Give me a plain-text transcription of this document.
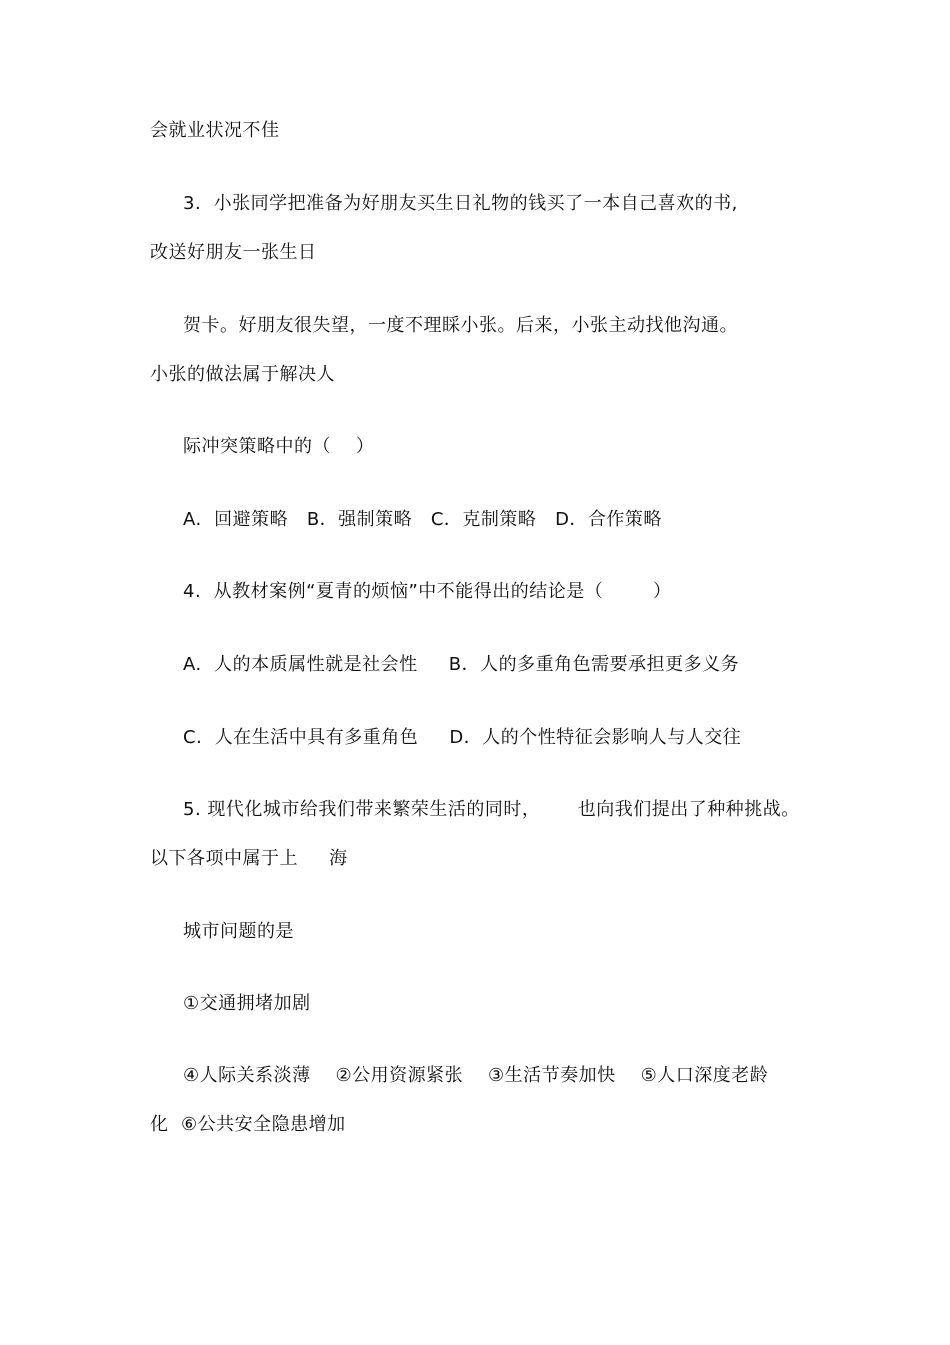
会就业状况不佳
3.  小张同学把准备为好朋友买生日礼物的钱买了一本自己喜欢的书,
改送好朋友一张生日
贺卡。好朋友很失望，一度不理睬小张。后来，小张主动找他沟通。
小张的做法属于解决人
际冲突策略中的（    ）
A.  回避策略   B．强制策略   C．克制策略   D．合作策略
4.  从教材案例“夏青的烦恼”中不能得出的结论是（        ）
A.  人的本质属性就是社会性     B．人的多重角色需要承担更多义务
C.  人在生活中具有多重角色     D．人的个性特征会影响人与人交往
5. 现代化城市给我们带来繁荣生活的同时，      也向我们提出了种种挑战。
以下各项中属于上     海
城市问题的是
①交通拥堵加剧
④人际关系淡薄    ②公用资源紧张    ③生活节奏加快    ⑤人口深度老龄
化  ⑥公共安全隐患增加
